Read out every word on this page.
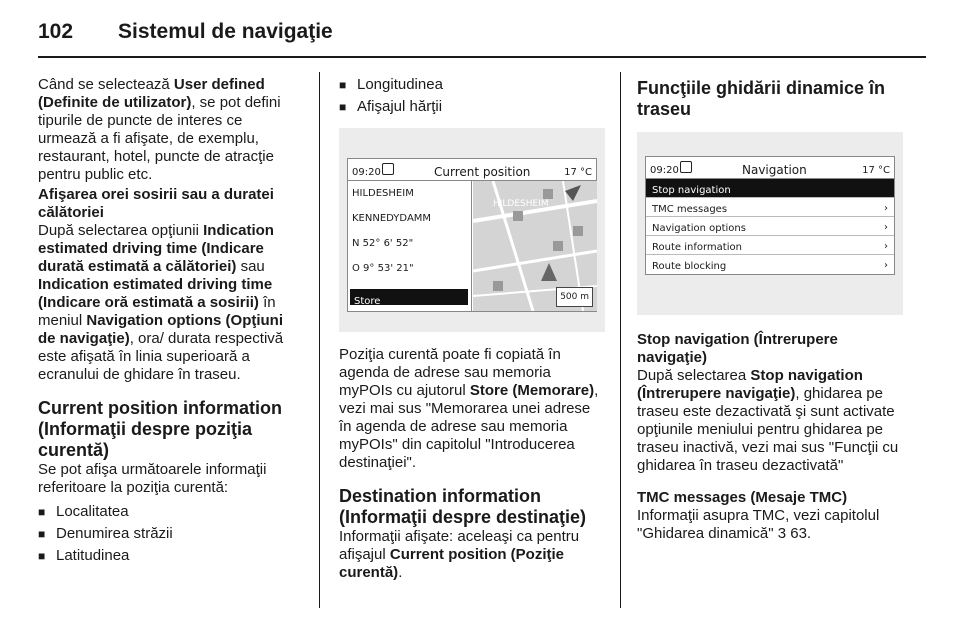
102 Sistemul de navigaţie

Când se selectează User defined (Definite de utilizator), se pot defini tipurile de puncte de interes ce urmează a fi afişate, de exemplu, restaurant, hotel, puncte de atracţie pentru public etc.

Afişarea orei sosirii sau a duratei călătoriei

După selectarea opţiunii Indication estimated driving time (Indicare durată estimată a călătoriei) sau Indication estimated driving time (Indicare oră estimată a sosirii) în meniul Navigation options (Opţiuni de navigaţie), ora/ durata respectivă este afişată în linia superioară a ecranului de ghidare în traseu.

Current position information (Informaţii despre poziţia curentă)

Se pot afişa următoarele informaţii referitoare la poziţia curentă:

■ Localitatea
■ Denumirea străzii
■ Latitudinea
■ Longitudinea
■ Afişajul hărţii
09:20	Current position	17 °C
HILDESHEIM
KENNEDYDAMM
N 52° 6' 52"
O 9° 53' 21"
Store
HILDESHEIM
500 m

Poziţia curentă poate fi copiată în agenda de adrese sau memoria myPOIs cu ajutorul Store (Memorare), vezi mai sus "Memorarea unei adrese în agenda de adrese sau memoria myPOIs" din capitolul "Introducerea destinaţiei".

Destination information (Informaţii despre destinaţie)

Informaţii afişate: aceleaşi ca pentru afişajul Current position (Poziţie curentă).

Funcţiile ghidării dinamice în traseu

09:20	Navigation	17 °C
Stop navigation
TMC messages	›
Navigation options	›
Route information	›
Route blocking	›

Stop navigation (Întrerupere navigaţie)

După selectarea Stop navigation (Întrerupere navigaţie), ghidarea pe traseu este dezactivată şi sunt activate opţiunile meniului pentru ghidarea pe traseu inactivă, vezi mai sus "Funcţii cu ghidarea în traseu dezactivată"

TMC messages (Mesaje TMC)

Informaţii asupra TMC, vezi capitolul "Ghidarea dinamică" 3 63.
